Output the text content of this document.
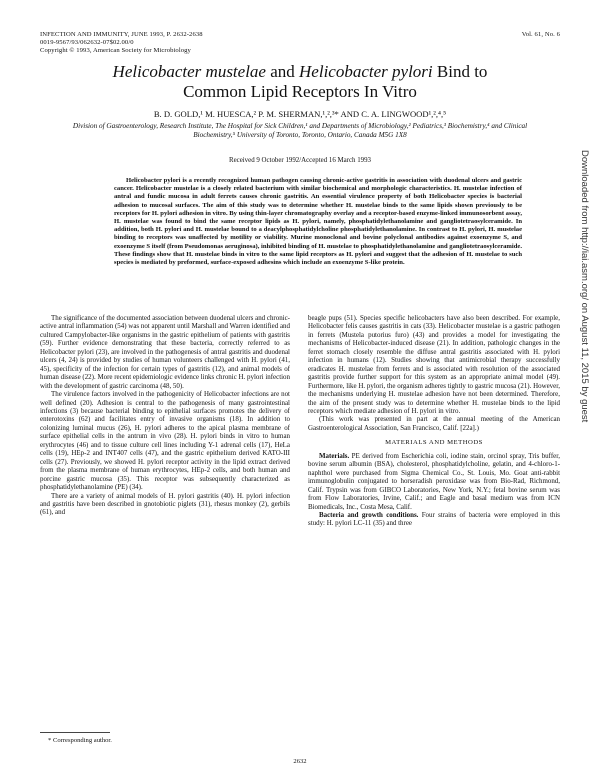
INFECTION AND IMMUNITY, JUNE 1993, P. 2632-2638
0019-9567/93/062632-07$02.00/0
Copyright © 1993, American Society for Microbiology
Vol. 61, No. 6
Helicobacter mustelae and Helicobacter pylori Bind to
Common Lipid Receptors In Vitro
B. D. GOLD,¹ M. HUESCA,² P. M. SHERMAN,¹,²,³* AND C. A. LINGWOOD¹,²,⁴,⁵
Division of Gastroenterology, Research Institute, The Hospital for Sick Children,¹ and Departments of Microbiology,² Pediatrics,³ Biochemistry,⁴ and Clinical Biochemistry,⁵ University of Toronto, Toronto, Ontario, Canada M5G 1X8
Received 9 October 1992/Accepted 16 March 1993
Helicobacter pylori is a recently recognized human pathogen causing chronic-active gastritis in association with duodenal ulcers and gastric cancer. Helicobacter mustelae is a closely related bacterium with similar biochemical and morphologic characteristics. H. mustelae infection of antral and fundic mucosa in adult ferrets causes chronic gastritis. An essential virulence property of both Helicobacter species is bacterial adhesion to mucosal surfaces. The aim of this study was to determine whether H. mustelae binds to the same lipids shown previously to be receptors for H. pylori adhesion in vitro. By using thin-layer chromatography overlay and a receptor-based enzyme-linked immunosorbent assay, H. mustelae was found to bind the same receptor lipids as H. pylori, namely, phosphatidylethanolamine and gangliotetraosylceramide. In addition, both H. pylori and H. mustelae bound to a deacylphosphatidylcholine phosphatidylethanolamine. In contrast to H. pylori, H. mustelae binding to receptors was unaffected by motility or viability. Murine monoclonal and bovine polyclonal antibodies against exoenzyme S, and exoenzyme S itself (from Pseudomonas aeruginosa), inhibited binding of H. mustelae to phosphatidylethanolamine and gangliotetraosylceramide. These findings show that H. mustelae binds in vitro to the same lipid receptors as H. pylori and suggest that the adhesion of H. mustelae to such species is mediated by preformed, surface-exposed adhesins which include an exoenzyme S-like protein.

The significance of the documented association between duodenal ulcers and chronic-active antral inflammation (54) was not apparent until Marshall and Warren identified and cultured Campylobacter-like organisms in the gastric epithelium of patients with gastritis (59). Further evidence demonstrating that these bacteria, correctly referred to as Helicobacter pylori (23), are involved in the pathogenesis of antral gastritis and duodenal ulcers (4, 24) is provided by studies of human volunteers challenged with H. pylori (41, 45), specificity of the infection for certain types of gastritis (12), and animal models of human disease (22). More recent epidemiologic evidence links chronic H. pylori infection with the development of gastric carcinoma (48, 50).

The virulence factors involved in the pathogenicity of Helicobacter infections are not well defined (20). Adhesion is central to the pathogenesis of many gastrointestinal infections (3) because bacterial binding to epithelial surfaces promotes the delivery of enterotoxins (62) and facilitates entry of invasive organisms (18). In addition to colonizing luminal mucus (26), H. pylori adheres to the apical plasma membrane of surface epithelial cells in the antrum in vivo (28). H. pylori binds in vitro to human erythrocytes (46) and to tissue culture cell lines including Y-1 adrenal cells (17), HeLa cells (19), HEp-2 and INT407 cells (47), and the gastric epithelium derived KATO-III cells (27). Previously, we showed H. pylori receptor activity in the lipid extract derived from the plasma membrane of human erythrocytes, HEp-2 cells, and both human and porcine gastric mucosa (35). This receptor was subsequently characterized as phosphatidylethanolamine (PE) (34).

There are a variety of animal models of H. pylori gastritis (40). H. pylori infection and gastritis have been described in gnotobiotic piglets (31), rhesus monkey (2), gerbils (61), and

* Corresponding author.

beagle pups (51). Species specific helicobacters have also been described. For example, Helicobacter felis causes gastritis in cats (33). Helicobacter mustelae is a gastric pathogen in ferrets (Mustela putorius furo) (43) and provides a model for investigating the mechanisms of Helicobacter-induced disease (21). In addition, pathologic changes in the ferret stomach closely resemble the diffuse antral gastritis associated with H. pylori infection in humans (12). Studies showing that antimicrobial therapy successfully eradicates H. mustelae from ferrets and is associated with resolution of the associated gastritis provide further support for this system as an appropriate animal model (49). Furthermore, like H. pylori, the organism adheres tightly to gastric mucosa (21). However, the mechanisms underlying H. mustelae adhesion have not been determined. Therefore, the aim of the present study was to determine whether H. mustelae binds to the lipid receptors which mediate adhesion of H. pylori in vitro.

(This work was presented in part at the annual meeting of the American Gastroenterological Association, San Francisco, Calif. [22a].)

MATERIALS AND METHODS

Materials. PE derived from Escherichia coli, iodine stain, orcinol spray, Tris buffer, bovine serum albumin (BSA), cholesterol, phosphatidylcholine, gelatin, and 4-chloro-1-naphthol were purchased from Sigma Chemical Co., St. Louis, Mo. Goat anti-rabbit immunoglobulin conjugated to horseradish peroxidase was from Bio-Rad, Richmond, Calif. Trypsin was from GIBCO Laboratories, New York, N.Y.; fetal bovine serum was from Flow Laboratories, Irvine, Calif.; and Eagle and basal medium was from ICN Biomedicals, Inc., Costa Mesa, Calif.

Bacteria and growth conditions. Four strains of bacteria were employed in this study: H. pylori LC-11 (35) and three

2632
Downloaded from http://iai.asm.org/ on August 11, 2015 by guest
